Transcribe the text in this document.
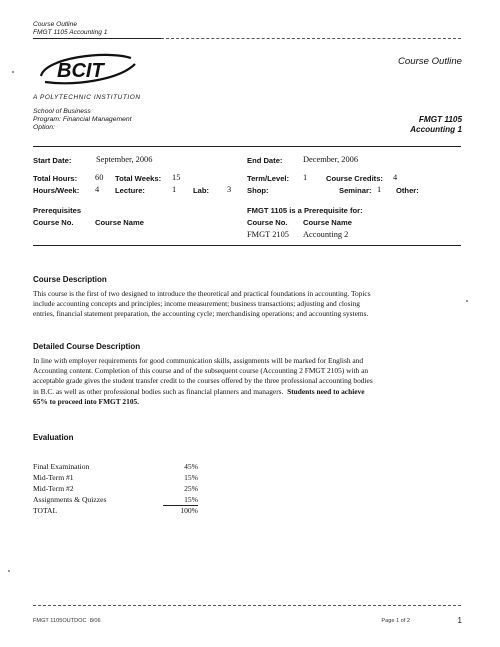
Course Outline
FMGT 1105 Accounting 1
BCIT
A POLYTECHNIC INSTITUTION
Course Outline
School of Business
Program: Financial Management
Option:
FMGT 1105
Accounting 1
Start Date:	September, 2006	End Date: December, 2006
Total Hours: 60 Total Weeks: 15	Term/Level: 1 Course Credits: 4
Hours/Week: 4 Lecture:	1 Lab: 3 Shop:	Seminar: 1 Other:
Prerequisites
Course No.	Course Name
FMGT 1105 is a Prerequisite for:
Course No. Course Name
FMGT 2105 Accounting 2
Course Description
This course is the first of two designed to introduce the theoretical and practical foundations in accounting. Topics
include accounting concepts and principles; income measurement; business transactions; adjusting and closing
entries, financial statement preparation, the accounting cycle; merchandising operations; and accounting systems.
Detailed Course Description
In line with employer requirements for good communication skills, assignments will be marked for English and
Accounting content. Completion of this course and of the subsequent course (Accounting 2 FMGT 2105) with an
acceptable grade gives the student transfer credit to the courses offered by the three professional accounting bodies
in B.C. as well as other professional bodies such as financial planners and managers. Students need to achieve
65% to proceed into FMGT 2105.
Evaluation
Final Examination	45%
Mid-Term #1	15%
Mid-Term #2	25%
Assignments & Quizzes	15%
TOTAL	100%
FMGT 1105OUTDOC 8/06	Page 1 of 2	1
